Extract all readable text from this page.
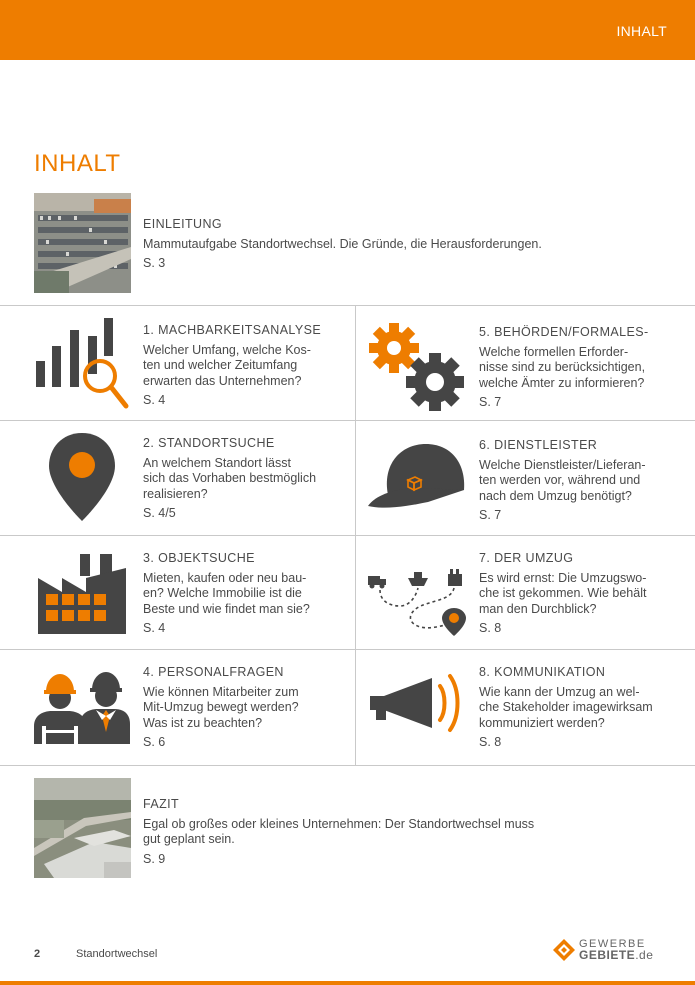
INHALT
INHALT
EINLEITUNG
Mammutaufgabe Standortwechsel. Die Gründe, die Herausforderungen.
S. 3
1. MACHBARKEITSANALYSE
Welcher Umfang, welche Kos-
ten und welcher Zeitumfang
erwarten das Unternehmen?
S. 4
5. BEHÖRDEN/FORMALES-
Welche formellen Erforder-
nisse sind zu berücksichtigen,
welche Ämter zu informieren?
S. 7
2. STANDORTSUCHE
An welchem Standort lässt
sich das Vorhaben bestmöglich
realisieren?
S. 4/5
6. DIENSTLEISTER
Welche Dienstleister/Lieferan-
ten werden vor, während und
nach dem Umzug benötigt?
S. 7
3. OBJEKTSUCHE
Mieten, kaufen oder neu bau-
en? Welche Immobilie ist die
Beste und wie findet man sie?
S. 4
7. DER UMZUG
Es wird ernst: Die Umzugswo-
che ist gekommen. Wie behält
man den Durchblick?
S. 8
4. PERSONALFRAGEN
Wie können Mitarbeiter zum
Mit-Umzug bewegt werden?
Was ist zu beachten?
S. 6
8. KOMMUNIKATION
Wie kann der Umzug an wel-
che Stakeholder imagewirksam
kommuniziert werden?
S. 8
FAZIT
Egal ob großes oder kleines Unternehmen: Der Standortwechsel muss
gut geplant sein.
S. 9
2	Standortwechsel
GEWERBE
GEBIETE.de
